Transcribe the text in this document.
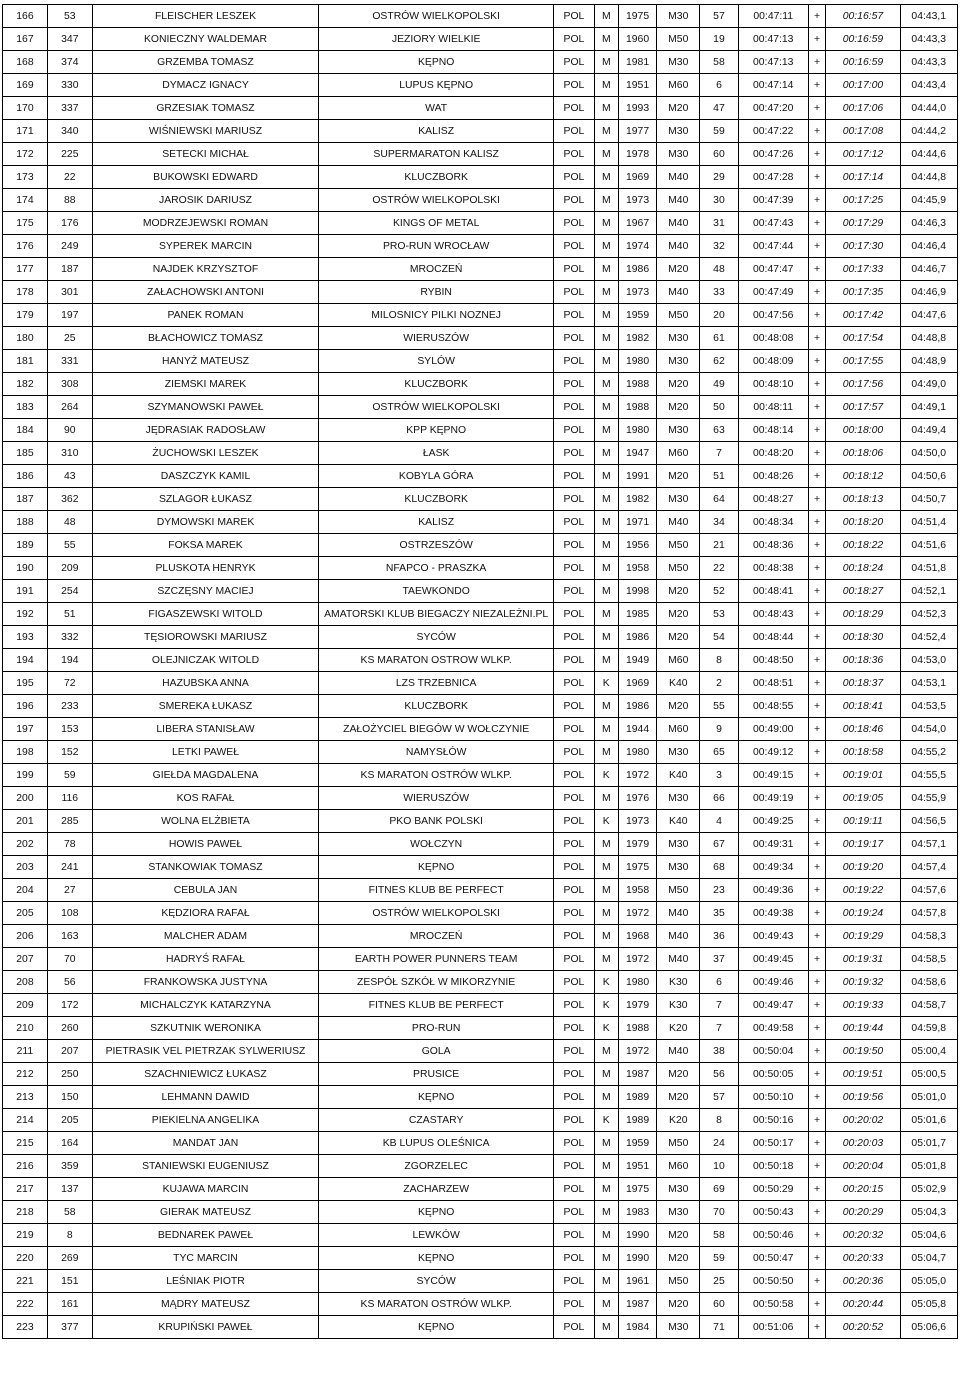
166	53	FLEISCHER LESZEK	OSTRÓW WIELKOPOLSKI	POL	M	1975	M30	57	00:47:11	+	00:16:57	04:43,1
167	347	KONIECZNY WALDEMAR	JEZIORY WIELKIE	POL	M	1960	M50	19	00:47:13	+	00:16:59	04:43,3
168	374	GRZEMBA TOMASZ	KĘPNO	POL	M	1981	M30	58	00:47:13	+	00:16:59	04:43,3
169	330	DYMACZ IGNACY	LUPUS KĘPNO	POL	M	1951	M60	6	00:47:14	+	00:17:00	04:43,4
170	337	GRZESIAK TOMASZ	WAT	POL	M	1993	M20	47	00:47:20	+	00:17:06	04:44,0
171	340	WIŚNIEWSKI MARIUSZ	KALISZ	POL	M	1977	M30	59	00:47:22	+	00:17:08	04:44,2
172	225	SETECKI MICHAŁ	SUPERMARATON KALISZ	POL	M	1978	M30	60	00:47:26	+	00:17:12	04:44,6
173	22	BUKOWSKI EDWARD	KLUCZBORK	POL	M	1969	M40	29	00:47:28	+	00:17:14	04:44,8
174	88	JAROSIK DARIUSZ	OSTRÓW WIELKOPOLSKI	POL	M	1973	M40	30	00:47:39	+	00:17:25	04:45,9
175	176	MODRZEJEWSKI ROMAN	KINGS OF METAL	POL	M	1967	M40	31	00:47:43	+	00:17:29	04:46,3
176	249	SYPEREK MARCIN	PRO-RUN WROCŁAW	POL	M	1974	M40	32	00:47:44	+	00:17:30	04:46,4
177	187	NAJDEK KRZYSZTOF	MROCZEŃ	POL	M	1986	M20	48	00:47:47	+	00:17:33	04:46,7
178	301	ZAŁACHOWSKI ANTONI	RYBIN	POL	M	1973	M40	33	00:47:49	+	00:17:35	04:46,9
179	197	PANEK ROMAN	MILOSNICY PILKI NOZNEJ	POL	M	1959	M50	20	00:47:56	+	00:17:42	04:47,6
180	25	BŁACHOWICZ TOMASZ	WIERUSZÓW	POL	M	1982	M30	61	00:48:08	+	00:17:54	04:48,8
181	331	HANYŻ MATEUSZ	SYLÓW	POL	M	1980	M30	62	00:48:09	+	00:17:55	04:48,9
182	308	ZIEMSKI MAREK	KLUCZBORK	POL	M	1988	M20	49	00:48:10	+	00:17:56	04:49,0
183	264	SZYMANOWSKI PAWEŁ	OSTRÓW WIELKOPOLSKI	POL	M	1988	M20	50	00:48:11	+	00:17:57	04:49,1
184	90	JĘDRASIAK RADOSŁAW	KPP KĘPNO	POL	M	1980	M30	63	00:48:14	+	00:18:00	04:49,4
185	310	ŻUCHOWSKI LESZEK	ŁASK	POL	M	1947	M60	7	00:48:20	+	00:18:06	04:50,0
186	43	DASZCZYK KAMIL	KOBYLA GÓRA	POL	M	1991	M20	51	00:48:26	+	00:18:12	04:50,6
187	362	SZLAGOR ŁUKASZ	KLUCZBORK	POL	M	1982	M30	64	00:48:27	+	00:18:13	04:50,7
188	48	DYMOWSKI MAREK	KALISZ	POL	M	1971	M40	34	00:48:34	+	00:18:20	04:51,4
189	55	FOKSA MAREK	OSTRZESZÓW	POL	M	1956	M50	21	00:48:36	+	00:18:22	04:51,6
190	209	PLUSKOTA HENRYK	NFAPCO - PRASZKA	POL	M	1958	M50	22	00:48:38	+	00:18:24	04:51,8
191	254	SZCZĘSNY MACIEJ	TAEWKONDO	POL	M	1998	M20	52	00:48:41	+	00:18:27	04:52,1
192	51	FIGASZEWSKI WITOLD	AMATORSKI KLUB BIEGACZY NIEZALEŻNI.PL	POL	M	1985	M20	53	00:48:43	+	00:18:29	04:52,3
193	332	TĘSIOROWSKI MARIUSZ	SYCÓW	POL	M	1986	M20	54	00:48:44	+	00:18:30	04:52,4
194	194	OLEJNICZAK WITOLD	KS MARATON OSTROW WLKP.	POL	M	1949	M60	8	00:48:50	+	00:18:36	04:53,0
195	72	HAZUBSKA ANNA	LZS TRZEBNICA	POL	K	1969	K40	2	00:48:51	+	00:18:37	04:53,1
196	233	SMEREKA ŁUKASZ	KLUCZBORK	POL	M	1986	M20	55	00:48:55	+	00:18:41	04:53,5
197	153	LIBERA STANISŁAW	ZAŁOŻYCIEL BIEGÓW W WOŁCZYNIE	POL	M	1944	M60	9	00:49:00	+	00:18:46	04:54,0
198	152	LETKI PAWEŁ	NAMYSŁÓW	POL	M	1980	M30	65	00:49:12	+	00:18:58	04:55,2
199	59	GIEŁDA MAGDALENA	KS MARATON OSTRÓW WLKP.	POL	K	1972	K40	3	00:49:15	+	00:19:01	04:55,5
200	116	KOS RAFAŁ	WIERUSZÓW	POL	M	1976	M30	66	00:49:19	+	00:19:05	04:55,9
201	285	WOLNA ELŻBIETA	PKO BANK POLSKI	POL	K	1973	K40	4	00:49:25	+	00:19:11	04:56,5
202	78	HOWIS PAWEŁ	WOŁCZYN	POL	M	1979	M30	67	00:49:31	+	00:19:17	04:57,1
203	241	STANKOWIAK TOMASZ	KĘPNO	POL	M	1975	M30	68	00:49:34	+	00:19:20	04:57,4
204	27	CEBULA JAN	FITNES KLUB BE PERFECT	POL	M	1958	M50	23	00:49:36	+	00:19:22	04:57,6
205	108	KĘDZIORA RAFAŁ	OSTRÓW WIELKOPOLSKI	POL	M	1972	M40	35	00:49:38	+	00:19:24	04:57,8
206	163	MALCHER ADAM	MROCZEŃ	POL	M	1968	M40	36	00:49:43	+	00:19:29	04:58,3
207	70	HADRYŚ RAFAŁ	EARTH POWER PUNNERS TEAM	POL	M	1972	M40	37	00:49:45	+	00:19:31	04:58,5
208	56	FRANKOWSKA JUSTYNA	ZESPÓŁ SZKÓŁ W MIKORZYNIE	POL	K	1980	K30	6	00:49:46	+	00:19:32	04:58,6
209	172	MICHALCZYK KATARZYNA	FITNES KLUB BE PERFECT	POL	K	1979	K30	7	00:49:47	+	00:19:33	04:58,7
210	260	SZKUTNIK WERONIKA	PRO-RUN	POL	K	1988	K20	7	00:49:58	+	00:19:44	04:59,8
211	207	PIETRASIK VEL PIETRZAK SYLWERIUSZ	GOLA	POL	M	1972	M40	38	00:50:04	+	00:19:50	05:00,4
212	250	SZACHNIEWICZ ŁUKASZ	PRUSICE	POL	M	1987	M20	56	00:50:05	+	00:19:51	05:00,5
213	150	LEHMANN DAWID	KĘPNO	POL	M	1989	M20	57	00:50:10	+	00:19:56	05:01,0
214	205	PIEKIELNA ANGELIKA	CZASTARY	POL	K	1989	K20	8	00:50:16	+	00:20:02	05:01,6
215	164	MANDAT JAN	KB LUPUS OLEŚNICA	POL	M	1959	M50	24	00:50:17	+	00:20:03	05:01,7
216	359	STANIEWSKI EUGENIUSZ	ZGORZELEC	POL	M	1951	M60	10	00:50:18	+	00:20:04	05:01,8
217	137	KUJAWA MARCIN	ZACHARZEW	POL	M	1975	M30	69	00:50:29	+	00:20:15	05:02,9
218	58	GIERAK MATEUSZ	KĘPNO	POL	M	1983	M30	70	00:50:43	+	00:20:29	05:04,3
219	8	BEDNAREK PAWEŁ	LEWKÓW	POL	M	1990	M20	58	00:50:46	+	00:20:32	05:04,6
220	269	TYC MARCIN	KĘPNO	POL	M	1990	M20	59	00:50:47	+	00:20:33	05:04,7
221	151	LEŚNIAK PIOTR	SYCÓW	POL	M	1961	M50	25	00:50:50	+	00:20:36	05:05,0
222	161	MĄDRY MATEUSZ	KS MARATON OSTRÓW WLKP.	POL	M	1987	M20	60	00:50:58	+	00:20:44	05:05,8
223	377	KRUPIŃSKI PAWEŁ	KĘPNO	POL	M	1984	M30	71	00:51:06	+	00:20:52	05:06,6
